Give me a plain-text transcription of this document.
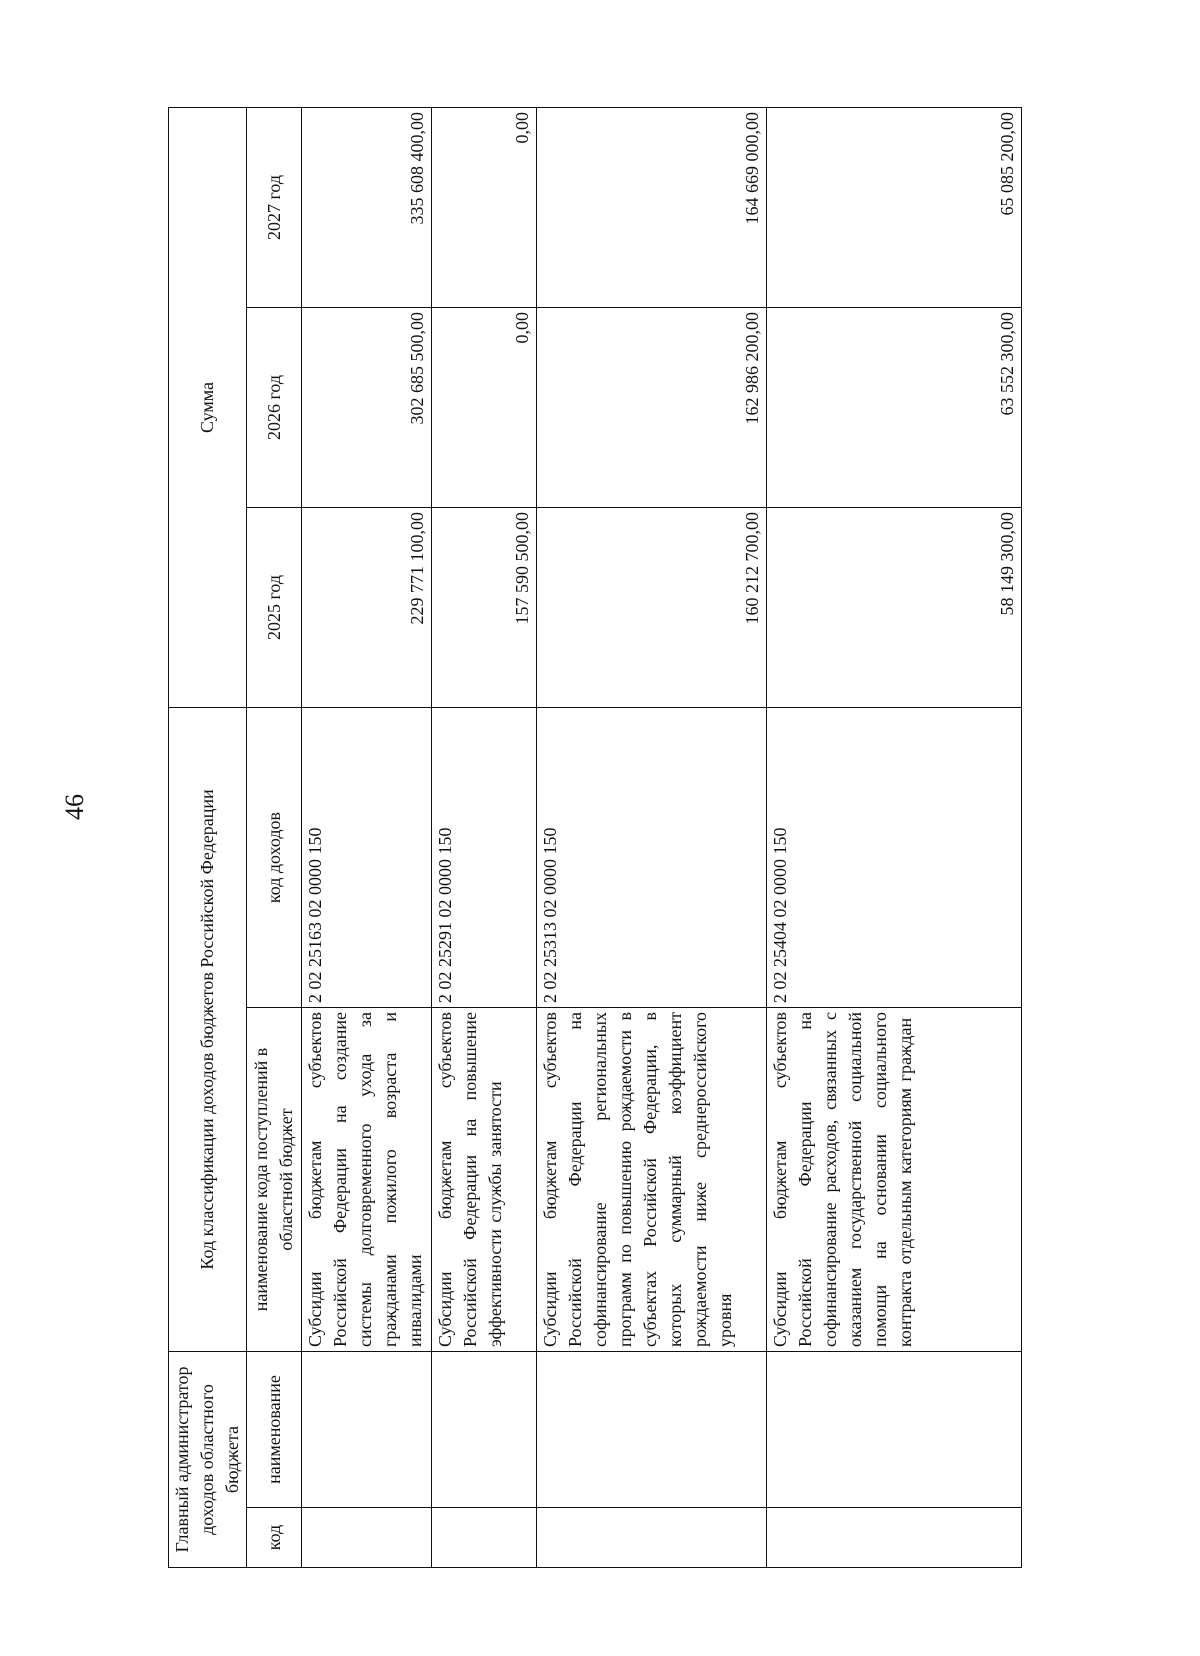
46
Главный администратор доходов областного бюджета		Код классификации доходов бюджетов Российской Федерации		Сумма		
код	наименование	наименование кода поступлений в областной бюджет	код доходов	2025 год	2026 год	2027 год
		Субсидии бюджетам субъектов Российской Федерации на создание системы долговременного ухода за гражданами пожилого возраста и инвалидами	2 02 25163 02 0000 150	229 771 100,00	302 685 500,00	335 608 400,00
		Субсидии бюджетам субъектов Российской Федерации на повышение эффективности службы занятости	2 02 25291 02 0000 150	157 590 500,00	0,00	0,00
		Субсидии бюджетам субъектов Российской Федерации на софинансирование региональных программ по повышению рождаемости в субъектах Российской Федерации, в которых суммарный коэффициент рождаемости ниже среднероссийского уровня	2 02 25313 02 0000 150	160 212 700,00	162 986 200,00	164 669 000,00
		Субсидии бюджетам субъектов Российской Федерации на софинансирование расходов, связанных с оказанием государственной социальной помощи на основании социального контракта отдельным категориям граждан	2 02 25404 02 0000 150	58 149 300,00	63 552 300,00	65 085 200,00
